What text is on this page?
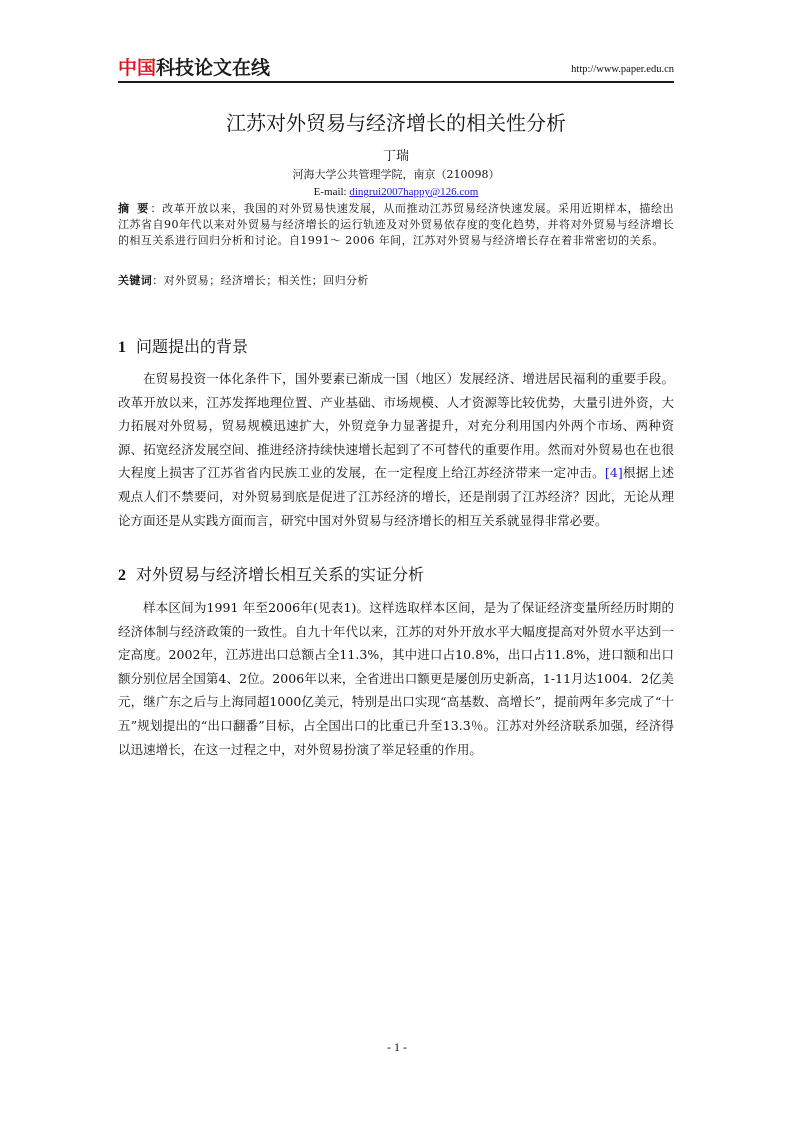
中国科技论文在线	http://www.paper.edu.cn
江苏对外贸易与经济增长的相关性分析
丁瑞
河海大学公共管理学院，南京（210098）
E-mail: dingrui2007happy@126.com
摘 要：改革开放以来，我国的对外贸易快速发展，从而推动江苏贸易经济快速发展。采用近期样本，描绘出江苏省自90年代以来对外贸易与经济增长的运行轨迹及对外贸易依存度的变化趋势，并将对外贸易与经济增长的相互关系进行回归分析和讨论。自1991～ 2006 年间，江苏对外贸易与经济增长存在着非常密切的关系。
关键词：对外贸易；经济增长；相关性；回归分析
1 问题提出的背景
在贸易投资一体化条件下，国外要素已渐成一国（地区）发展经济、增进居民福利的重要手段。改革开放以来，江苏发挥地理位置、产业基础、市场规模、人才资源等比较优势，大量引进外资，大力拓展对外贸易，贸易规模迅速扩大，外贸竞争力显著提升，对充分利用国内外两个市场、两种资源、拓宽经济发展空间、推进经济持续快速增长起到了不可替代的重要作用。然而对外贸易也在也很大程度上损害了江苏省省内民族工业的发展，在一定程度上给江苏经济带来一定冲击。[4]根据上述观点人们不禁要问，对外贸易到底是促进了江苏经济的增长，还是削弱了江苏经济？因此，无论从理论方面还是从实践方面而言，研究中国对外贸易与经济增长的相互关系就显得非常必要。
2 对外贸易与经济增长相互关系的实证分析
样本区间为1991 年至2006年(见表1)。这样选取样本区间，是为了保证经济变量所经历时期的经济体制与经济政策的一致性。自九十年代以来，江苏的对外开放水平大幅度提高对外贸水平达到一定高度。2002年，江苏进出口总额占全11.3%，其中进口占10.8%，出口占11.8%，进口额和出口额分别位居全国第4、2位。2006年以来，全省进出口额更是屡创历史新高，1-11月达1004．2亿美元，继广东之后与上海同超1000亿美元，特别是出口实现“高基数、高增长”，提前两年多完成了“十五”规划提出的“出口翻番”目标，占全国出口的比重已升至13.3％。江苏对外经济联系加强，经济得以迅速增长，在这一过程之中，对外贸易扮演了举足轻重的作用。
- 1 -
